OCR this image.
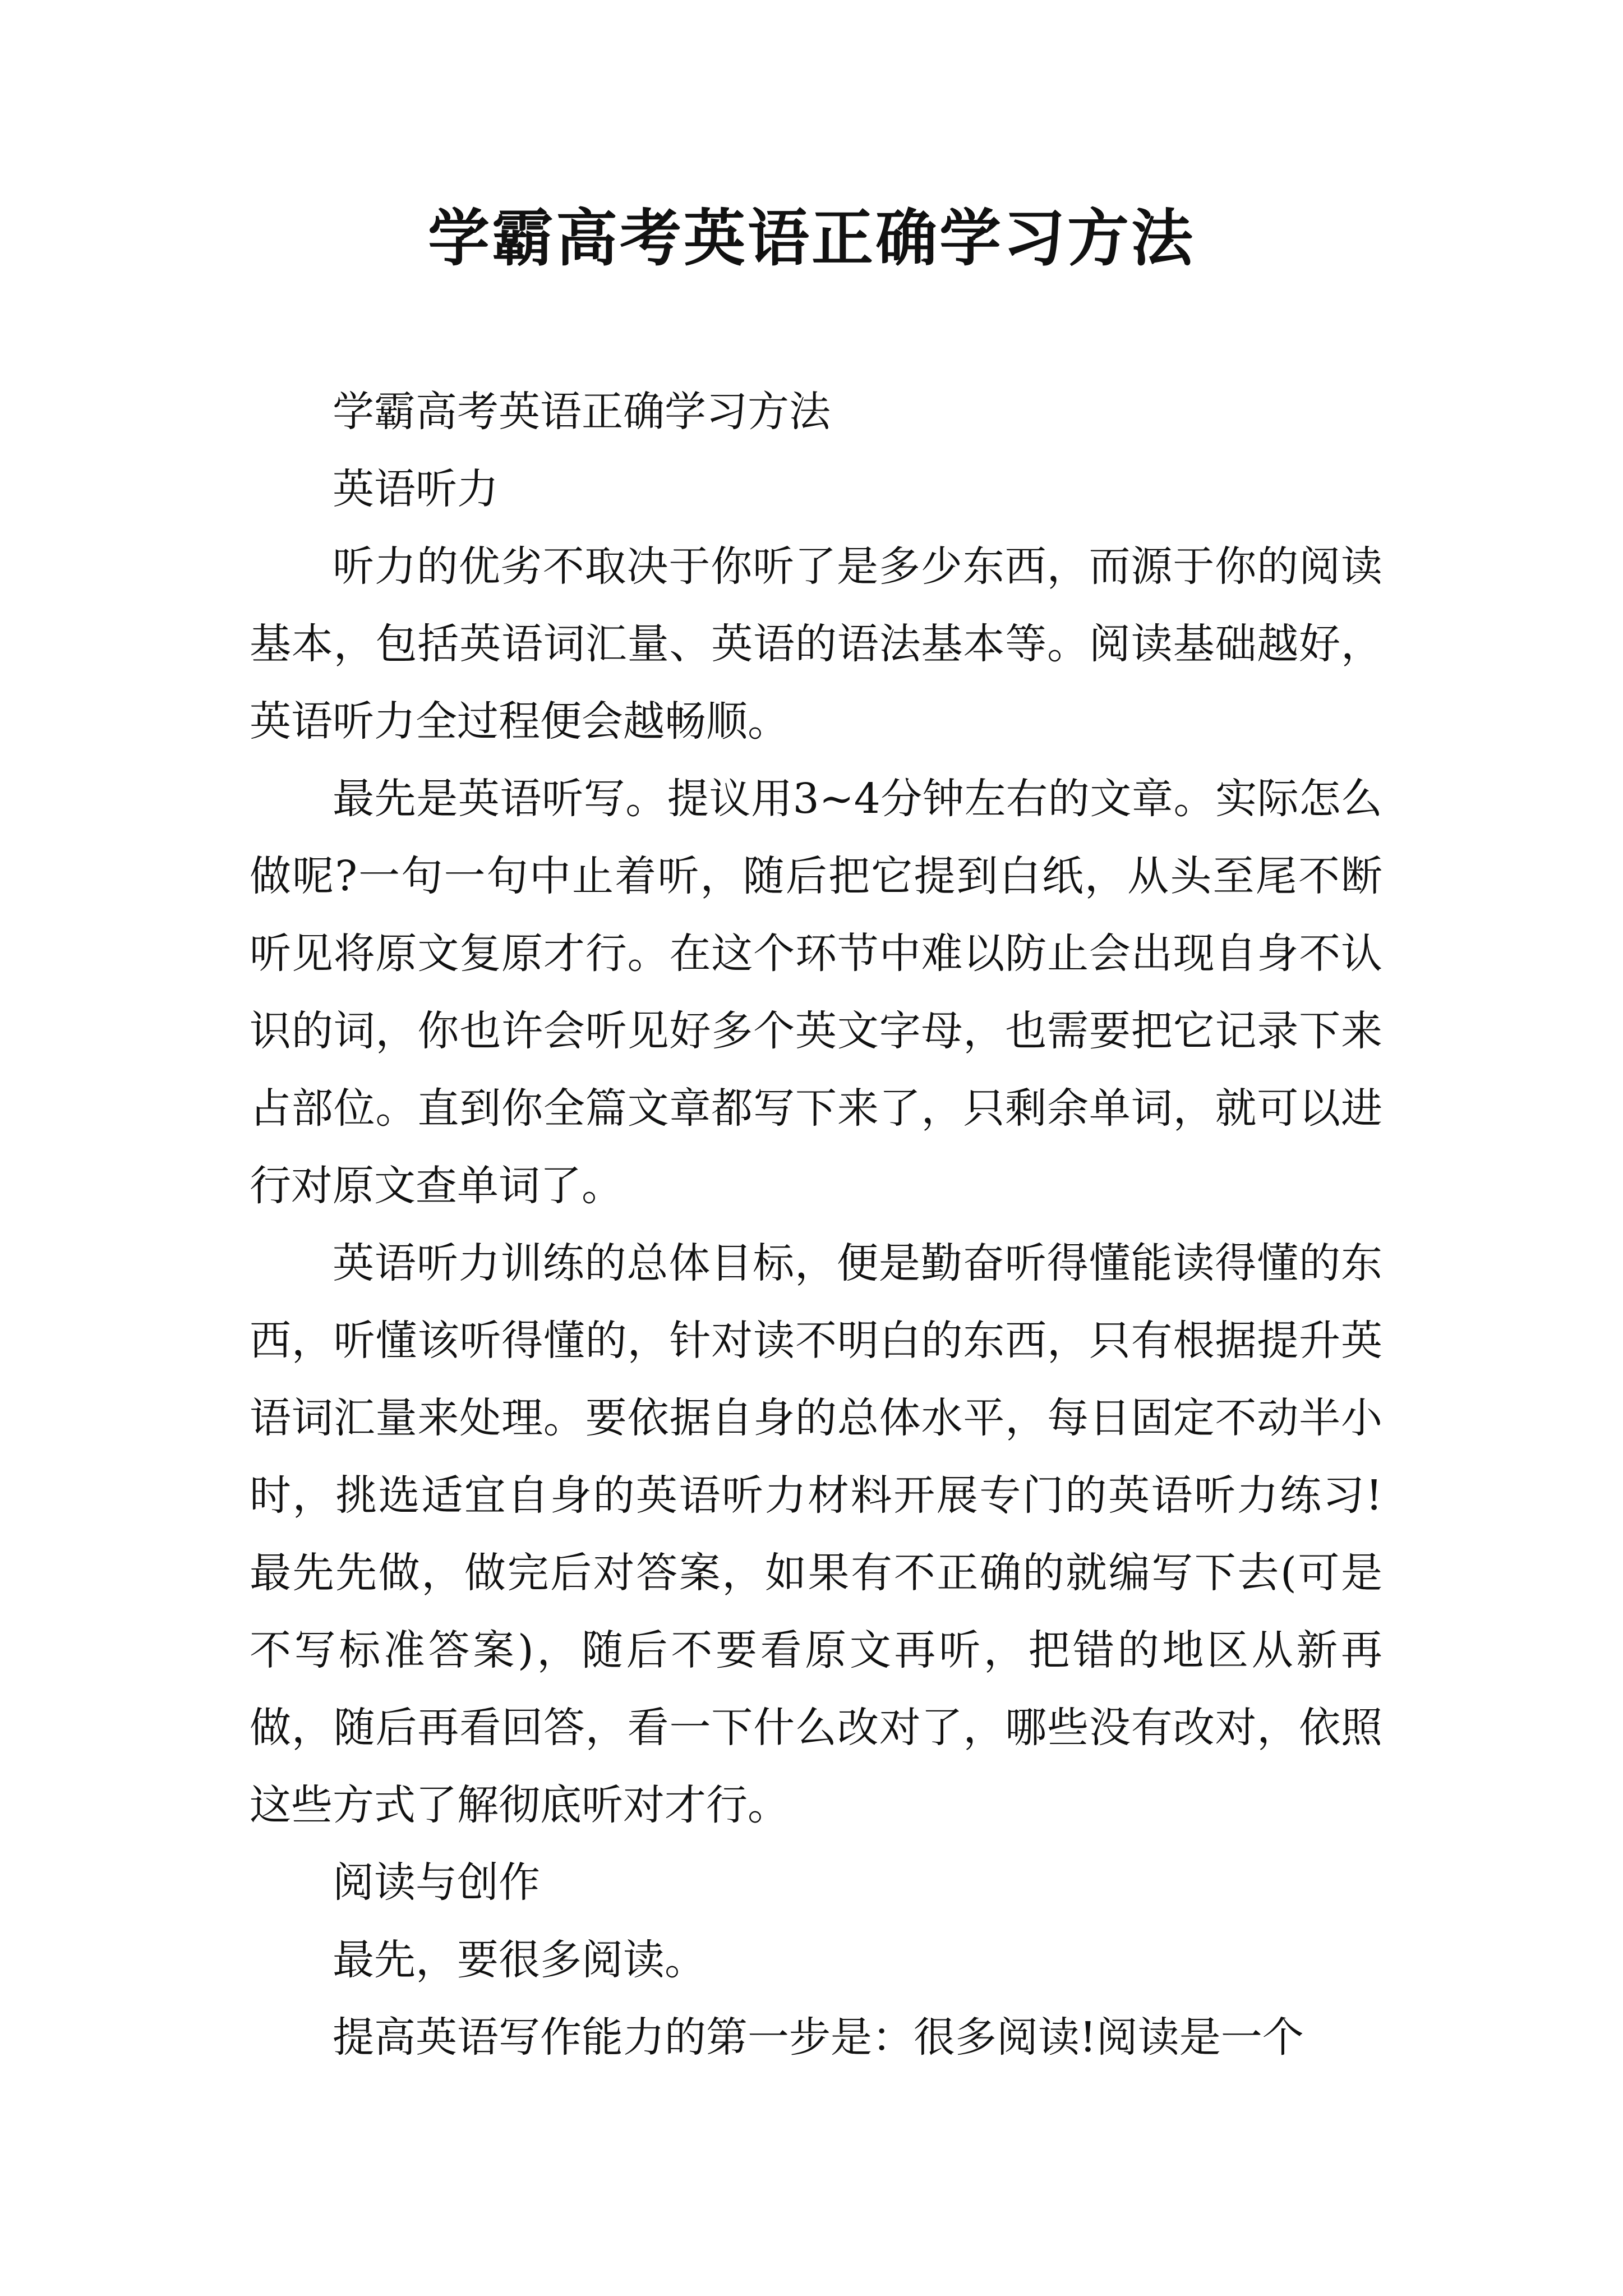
学霸高考英语正确学习方法

学霸高考英语正确学习方法

英语听力

听力的优劣不取决于你听了是多少东西，而源于你的阅读基本，包括英语词汇量、英语的语法基本等。阅读基础越好，英语听力全过程便会越畅顺。

最先是英语听写。提议用3~4分钟左右的文章。实际怎么做呢?一句一句中止着听，随后把它提到白纸，从头至尾不断听见将原文复原才行。在这个环节中难以防止会出现自身不认识的词，你也许会听见好多个英文字母，也需要把它记录下来占部位。直到你全篇文章都写下来了，只剩余单词，就可以进行对原文查单词了。

英语听力训练的总体目标，便是勤奋听得懂能读得懂的东西，听懂该听得懂的，针对读不明白的东西，只有根据提升英语词汇量来处理。要依据自身的总体水平，每日固定不动半小时，挑选适宜自身的英语听力材料开展专门的英语听力练习!最先先做，做完后对答案，如果有不正确的就编写下去(可是不写标准答案)，随后不要看原文再听，把错的地区从新再做，随后再看回答，看一下什么改对了，哪些没有改对，依照这些方式了解彻底听对才行。

阅读与创作

最先，要很多阅读。

提高英语写作能力的第一步是：很多阅读!阅读是一个
